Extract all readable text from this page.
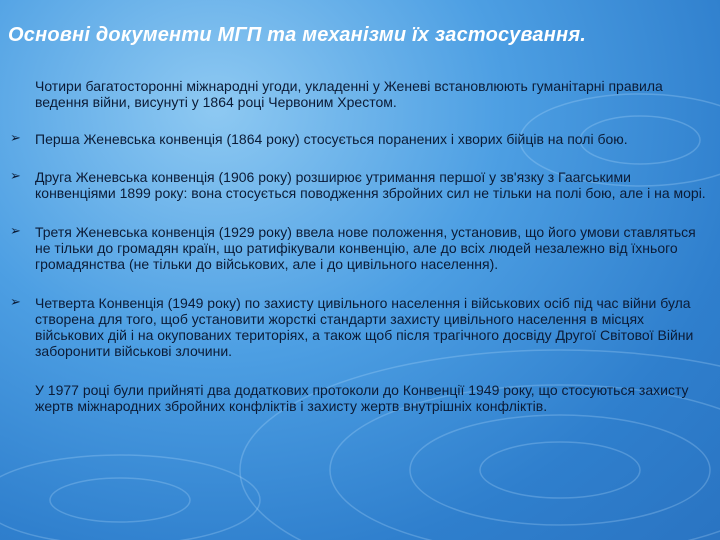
Основні документи МГП та механізми їх застосування.
Чотири багатосторонні міжнародні угоди, укладенні у Женеві встановлюють гуманітарні правила ведення війни, висунуті у 1864 році Червоним Хрестом.
➢ Перша Женевська конвенція (1864 року) стосується поранених і хворих бійців на полі бою.
➢ Друга Женевська конвенція (1906 року) розширює утримання першої у зв'язку з Гаагськими конвенціями 1899 року: вона стосується поводження збройних сил не тільки на полі бою, але і на морі.
➢ Третя Женевська конвенція (1929 року) ввела нове положення, установив, що його умови ставляться не тільки до громадян країн, що ратифікували конвенцію, але до всіх людей незалежно від їхнього громадянства (не тільки до військових, але і до цивільного населення).
➢ Четверта Конвенція (1949 року) по захисту цивільного населення і військових осіб під час війни була створена для того, щоб установити жорсткі стандарти захисту цивільного населення в місцях військових дій і на окупованих територіях, а також щоб після трагічного досвіду Другої Світової Війни заборонити військові злочини.
У 1977 році були прийняті два додаткових протоколи до Конвенції 1949 року, що стосуються захисту жертв міжнародних збройних конфліктів і захисту жертв внутрішніх конфліктів.
